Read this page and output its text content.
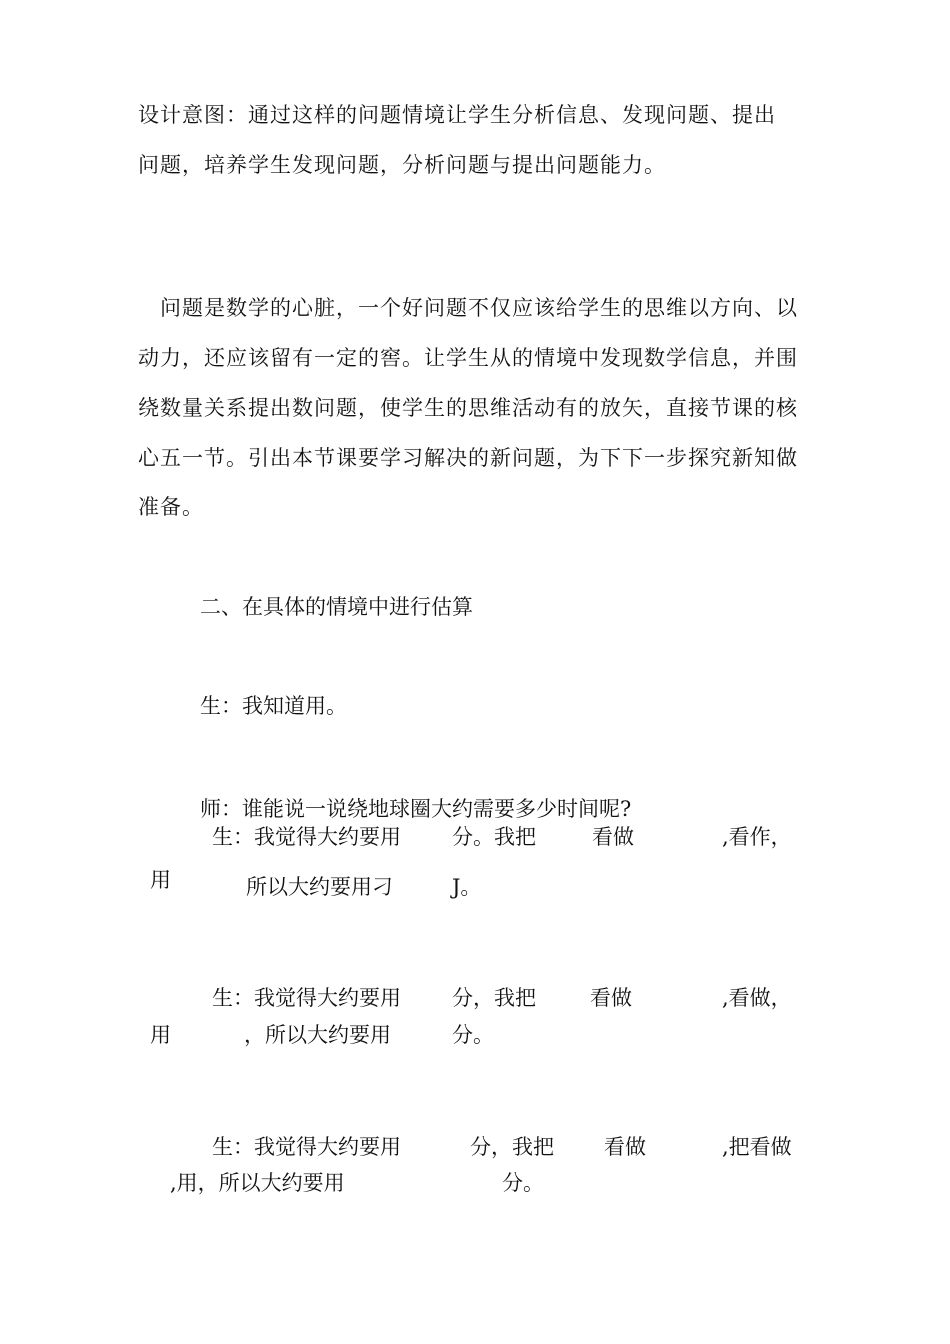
设计意图：通过这样的问题情境让学生分析信息、发现问题、提出
问题，培养学生发现问题，分析问题与提出问题能力。
问题是数学的心脏，一个好问题不仅应该给学生的思维以方向、以
动力，还应该留有一定的窖。让学生从的情境中发现数学信息，并围
绕数量关系提出数问题，使学生的思维活动有的放矢，直接节课的核
心五一节。引出本节课要学习解决的新问题，为下下一步探究新知做
准备。
二、在具体的情境中进行估算
生：我知道用。
师：谁能说一说绕地球圈大约需要多少时间呢?
生：我觉得大约要用 分。我把	看做	,看作，
用	所以大约要用刁	J。
生：我觉得大约要用 分，我把	看做	,看做，
用	，所以大约要用	分。
生：我觉得大约要用	分，我把 看做	,把看做
,用，所以大约要用	分。
